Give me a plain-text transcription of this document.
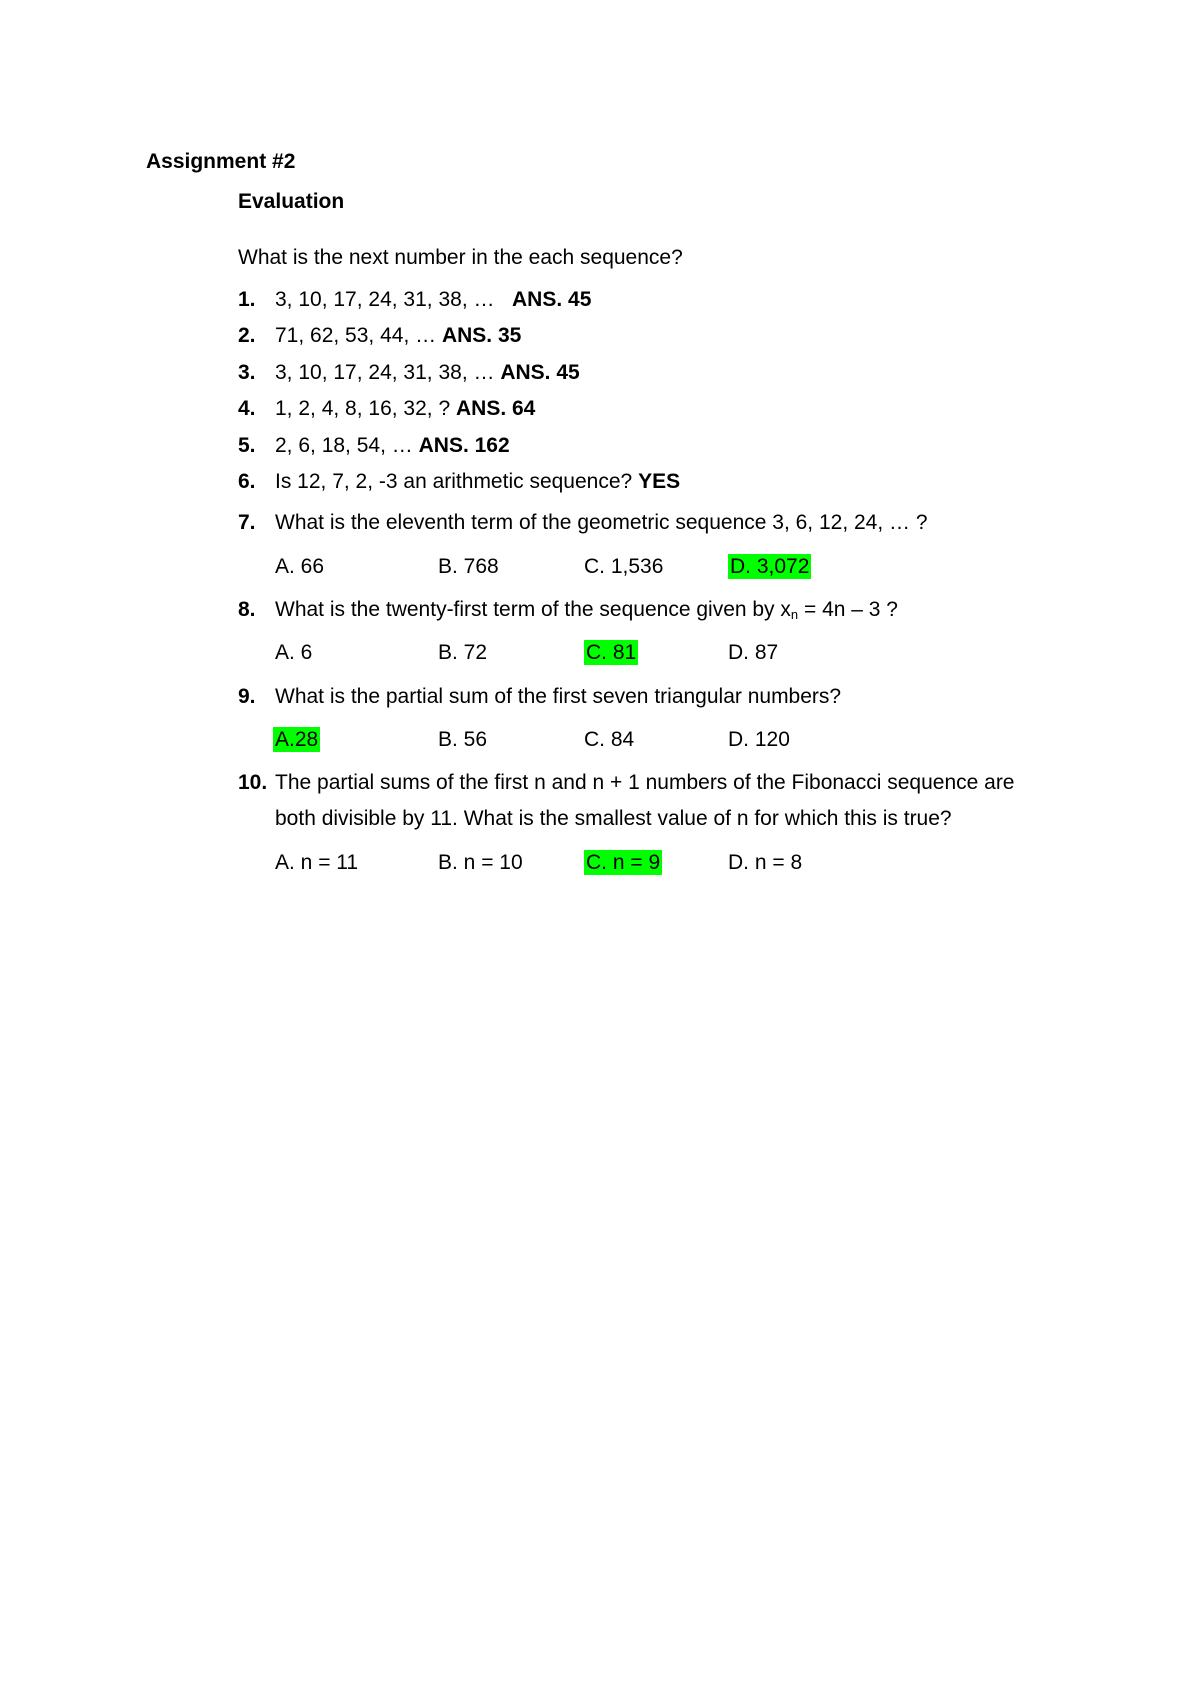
Assignment #2
Evaluation
What is the next number in the each sequence?
1. 3, 10, 17, 24, 31, 38, … ANS. 45
2. 71, 62, 53, 44, … ANS. 35
3. 3, 10, 17, 24, 31, 38, … ANS. 45
4. 1, 2, 4, 8, 16, 32, ? ANS. 64
5. 2, 6, 18, 54, … ANS. 162
6. Is 12, 7, 2, -3 an arithmetic sequence? YES
7. What is the eleventh term of the geometric sequence 3, 6, 12, 24, … ?
A. 66	B. 768	C. 1,536	D. 3,072
8. What is the twenty-first term of the sequence given by $x_n = 4n - 3$ ?
A. 6	B. 72	C. 81	D. 87
9. What is the partial sum of the first seven triangular numbers?
A.28	B. 56	C. 84	D. 120
10. The partial sums of the first n and n + 1 numbers of the Fibonacci sequence are
both divisible by 11. What is the smallest value of n for which this is true?
A. n = 11	B. n = 10	C. n = 9	D. n = 8
